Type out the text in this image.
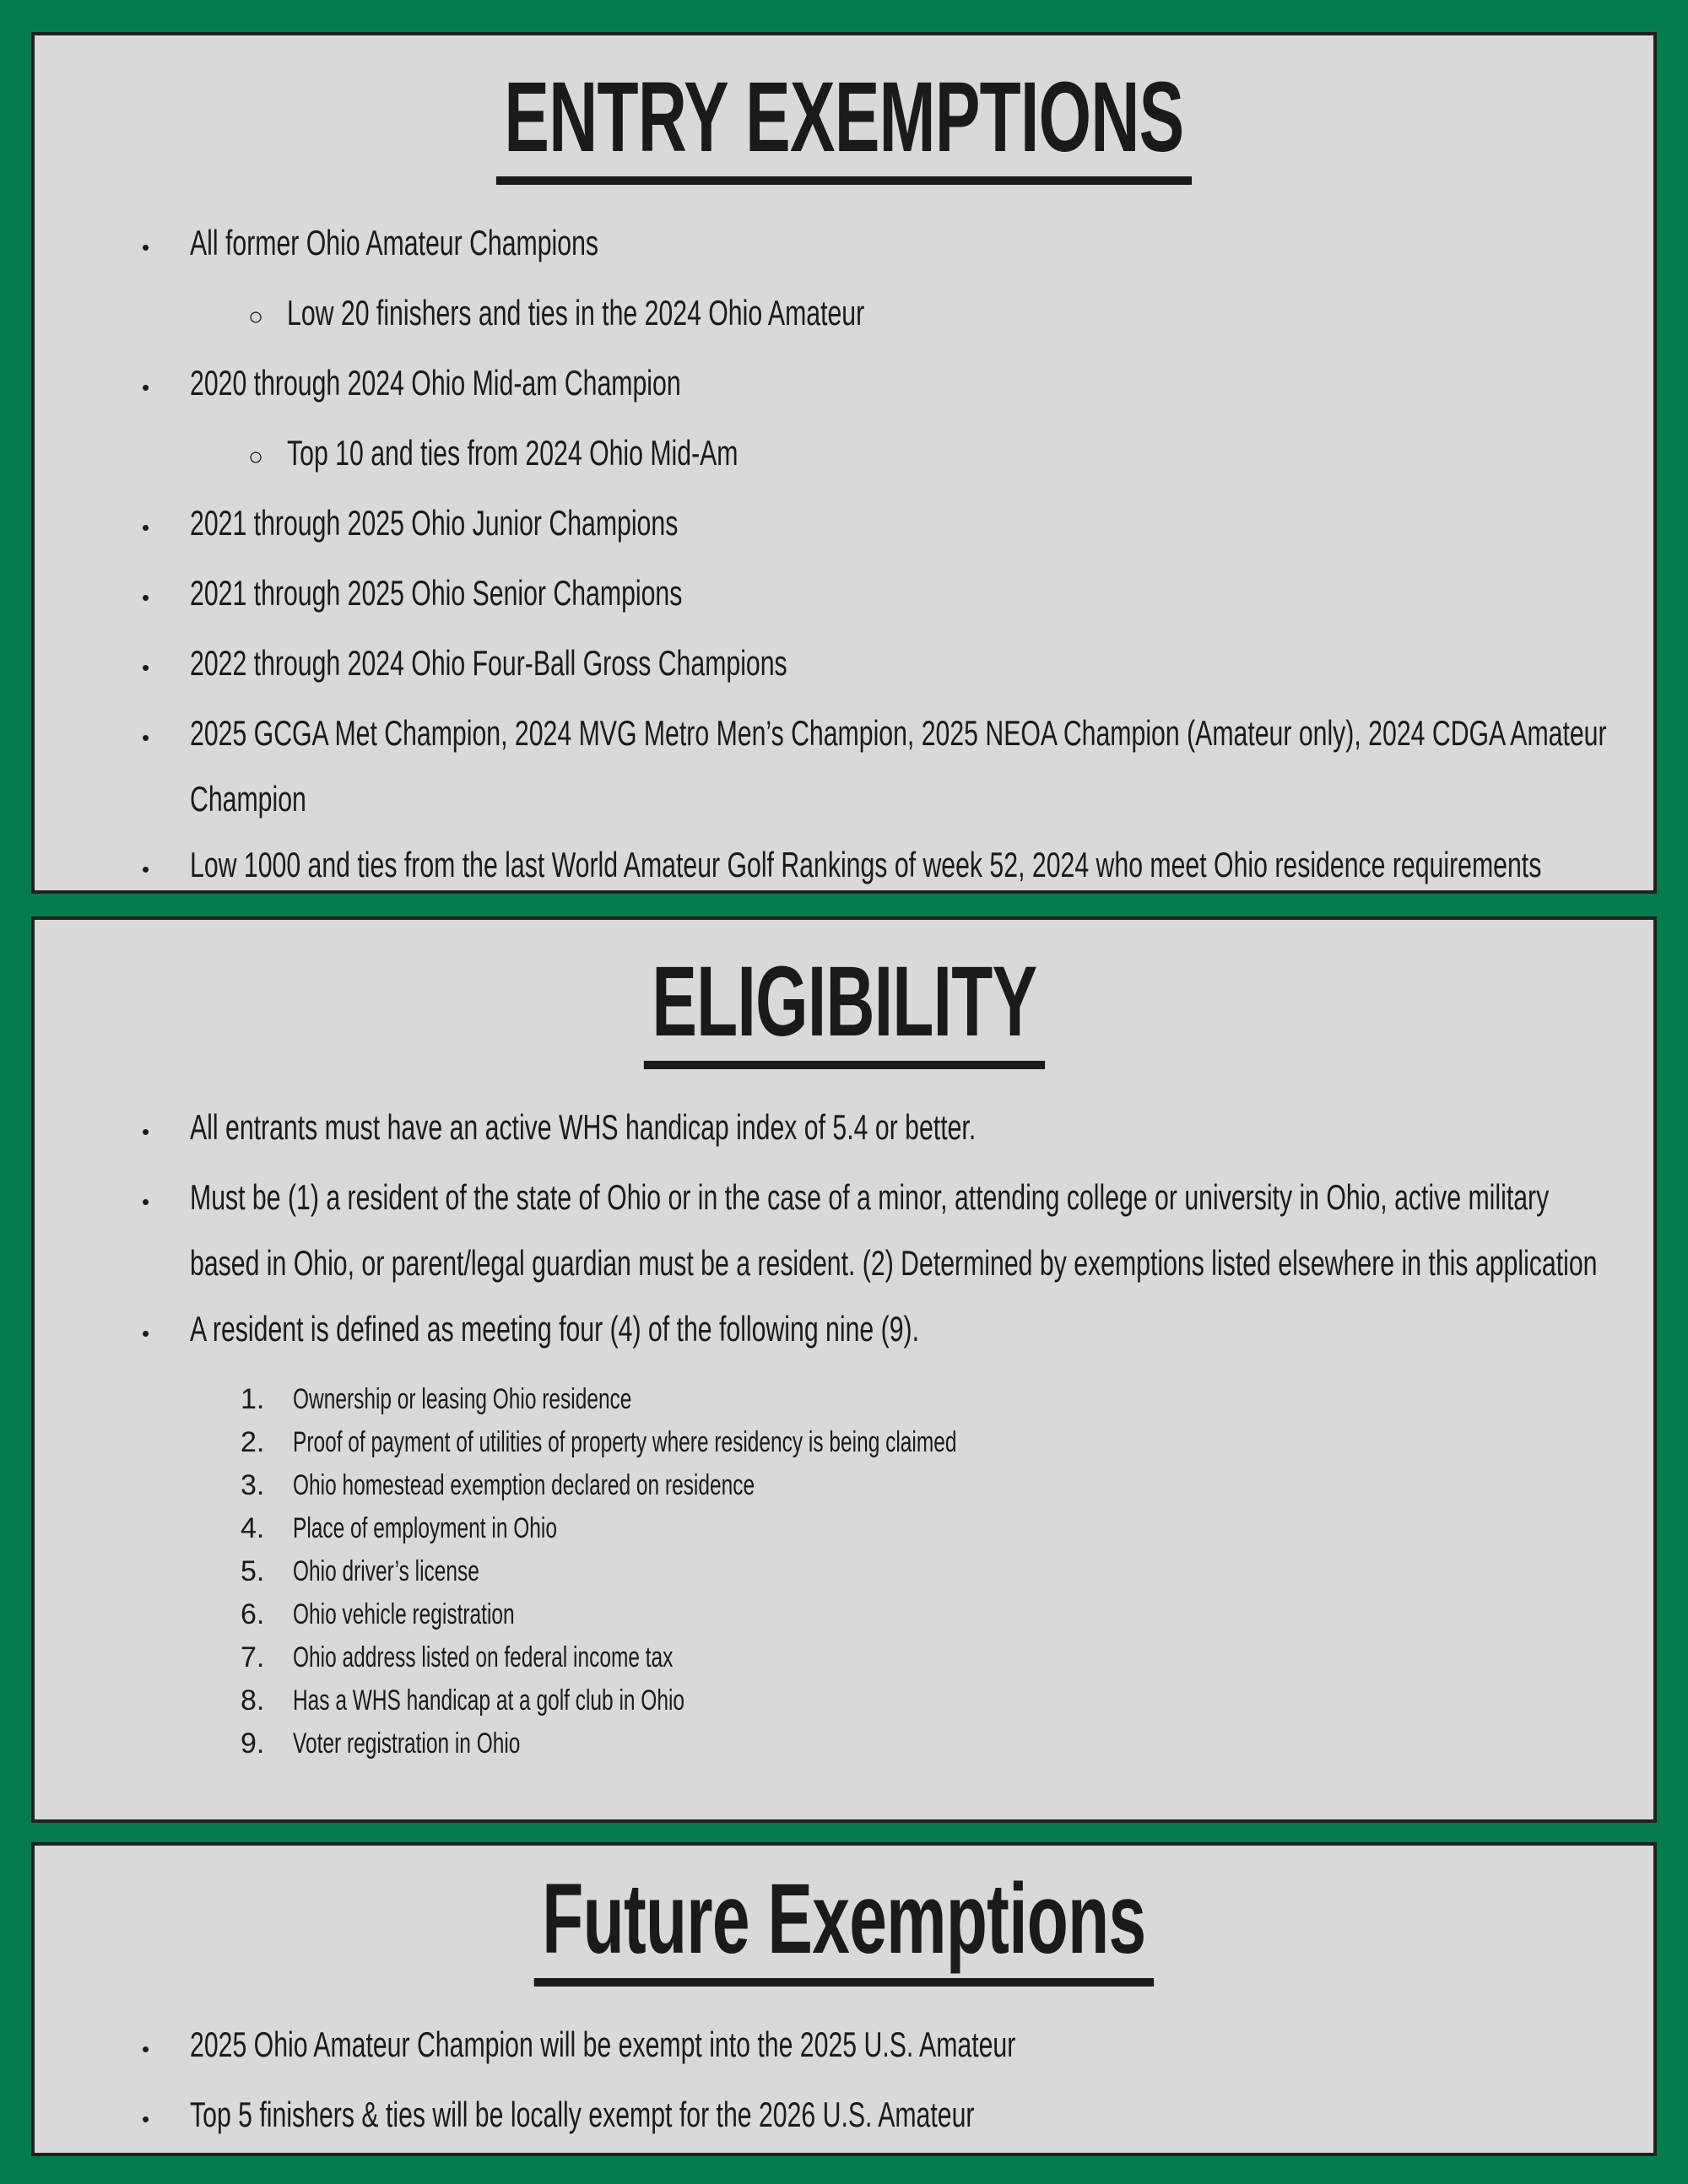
ENTRY EXEMPTIONS
•	All former Ohio Amateur Champions
○ Low 20 finishers and ties in the 2024 Ohio Amateur
•	2020 through 2024 Ohio Mid-am Champion
○ Top 10 and ties from 2024 Ohio Mid-Am
•	2021 through 2025 Ohio Junior Champions
•	2021 through 2025 Ohio Senior Champions
•	2022 through 2024 Ohio Four-Ball Gross Champions
•	2025 GCGA Met Champion, 2024 MVG Metro Men’s Champion, 2025 NEOA Champion (Amateur only), 2024 CDGA Amateur Champion
•	Low 1000 and ties from the last World Amateur Golf Rankings of week 52, 2024 who meet Ohio residence requirements
ELIGIBILITY
•	All entrants must have an active WHS handicap index of 5.4 or better.
•	Must be (1) a resident of the state of Ohio or in the case of a minor, attending college or university in Ohio, active military based in Ohio, or parent/legal guardian must be a resident. (2) Determined by exemptions listed elsewhere in this application
•	A resident is defined as meeting four (4) of the following nine (9).
1. Ownership or leasing Ohio residence
2. Proof of payment of utilities of property where residency is being claimed
3. Ohio homestead exemption declared on residence
4. Place of employment in Ohio
5. Ohio driver’s license
6. Ohio vehicle registration
7. Ohio address listed on federal income tax
8. Has a WHS handicap at a golf club in Ohio
9. Voter registration in Ohio
Future Exemptions
•	2025 Ohio Amateur Champion will be exempt into the 2025 U.S. Amateur
•	Top 5 finishers & ties will be locally exempt for the 2026 U.S. Amateur
